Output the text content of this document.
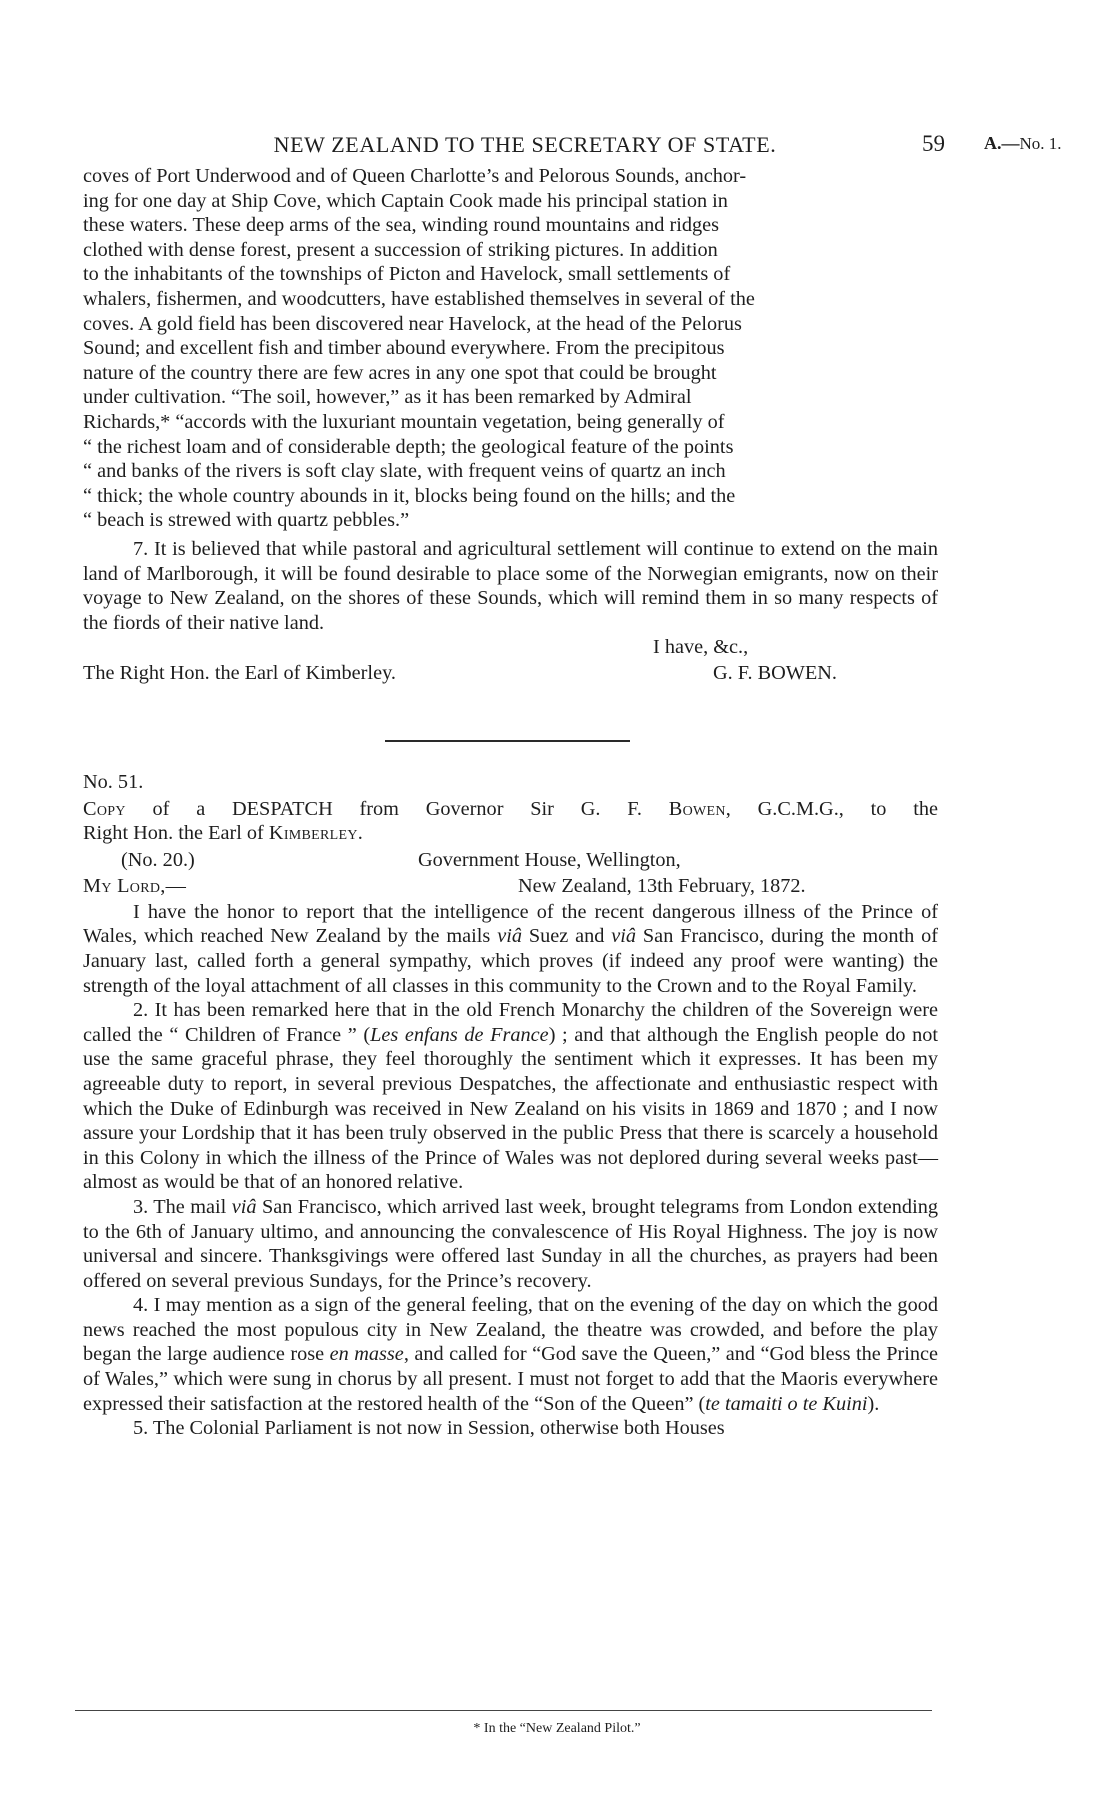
NEW ZEALAND TO THE SECRETARY OF STATE.	59 A.—No. 1.

coves of Port Underwood and of Queen Charlotte’s and Pelorous Sounds, anchor-

ing for one day at Ship Cove, which Captain Cook made his principal station in

these waters. These deep arms of the sea, winding round mountains and ridges

clothed with dense forest, present a succession of striking pictures. In addition

to the inhabitants of the townships of Picton and Havelock, small settlements of

whalers, fishermen, and woodcutters, have established themselves in several of the

coves. A gold field has been discovered near Havelock, at the head of the Pelorus

Sound; and excellent fish and timber abound everywhere. From the precipitous

nature of the country there are few acres in any one spot that could be brought

under cultivation. “The soil, however,” as it has been remarked by Admiral

Richards,* “accords with the luxuriant mountain vegetation, being generally of

“ the richest loam and of considerable depth; the geological feature of the points

“ and banks of the rivers is soft clay slate, with frequent veins of quartz an inch

“ thick; the whole country abounds in it, blocks being found on the hills; and the

“ beach is strewed with quartz pebbles.”

7. It is believed that while pastoral and agricultural settlement will continue to extend on the main land of Marlborough, it will be found desirable to place some of the Norwegian emigrants, now on their voyage to New Zealand, on the shores of these Sounds, which will remind them in so many respects of the fiords of their native land.

I have, &c.,
The Right Hon. the Earl of Kimberley.	G. F. BOWEN.

No. 51.

Copy of a DESPATCH from Governor Sir G. F. Bowen, G.C.M.G., to the

Right Hon. the Earl of Kimberley.

(No. 20.)	Government House, Wellington,
My Lord,—	New Zealand, 13th February, 1872.

I have the honor to report that the intelligence of the recent dangerous illness of the Prince of Wales, which reached New Zealand by the mails viâ Suez and viâ San Francisco, during the month of January last, called forth a general sympathy, which proves (if indeed any proof were wanting) the strength of the loyal attachment of all classes in this community to the Crown and to the Royal Family.

2. It has been remarked here that in the old French Monarchy the children of the Sovereign were called the “ Children of France ” (Les enfans de France) ; and that although the English people do not use the same graceful phrase, they feel thoroughly the sentiment which it expresses. It has been my agreeable duty to report, in several previous Despatches, the affectionate and enthusiastic respect with which the Duke of Edinburgh was received in New Zealand on his visits in 1869 and 1870 ; and I now assure your Lordship that it has been truly observed in the public Press that there is scarcely a household in this Colony in which the illness of the Prince of Wales was not deplored during several weeks past—almost as would be that of an honored relative.

3. The mail viâ San Francisco, which arrived last week, brought telegrams from London extending to the 6th of January ultimo, and announcing the convalescence of His Royal Highness. The joy is now universal and sincere. Thanksgivings were offered last Sunday in all the churches, as prayers had been offered on several previous Sundays, for the Prince’s recovery.

4. I may mention as a sign of the general feeling, that on the evening of the day on which the good news reached the most populous city in New Zealand, the theatre was crowded, and before the play began the large audience rose en masse, and called for “God save the Queen,” and “God bless the Prince of Wales,” which were sung in chorus by all present. I must not forget to add that the Maoris everywhere expressed their satisfaction at the restored health of the “Son of the Queen” (te tamaiti o te Kuini).

5. The Colonial Parliament is not now in Session, otherwise both Houses

* In the “New Zealand Pilot.”
